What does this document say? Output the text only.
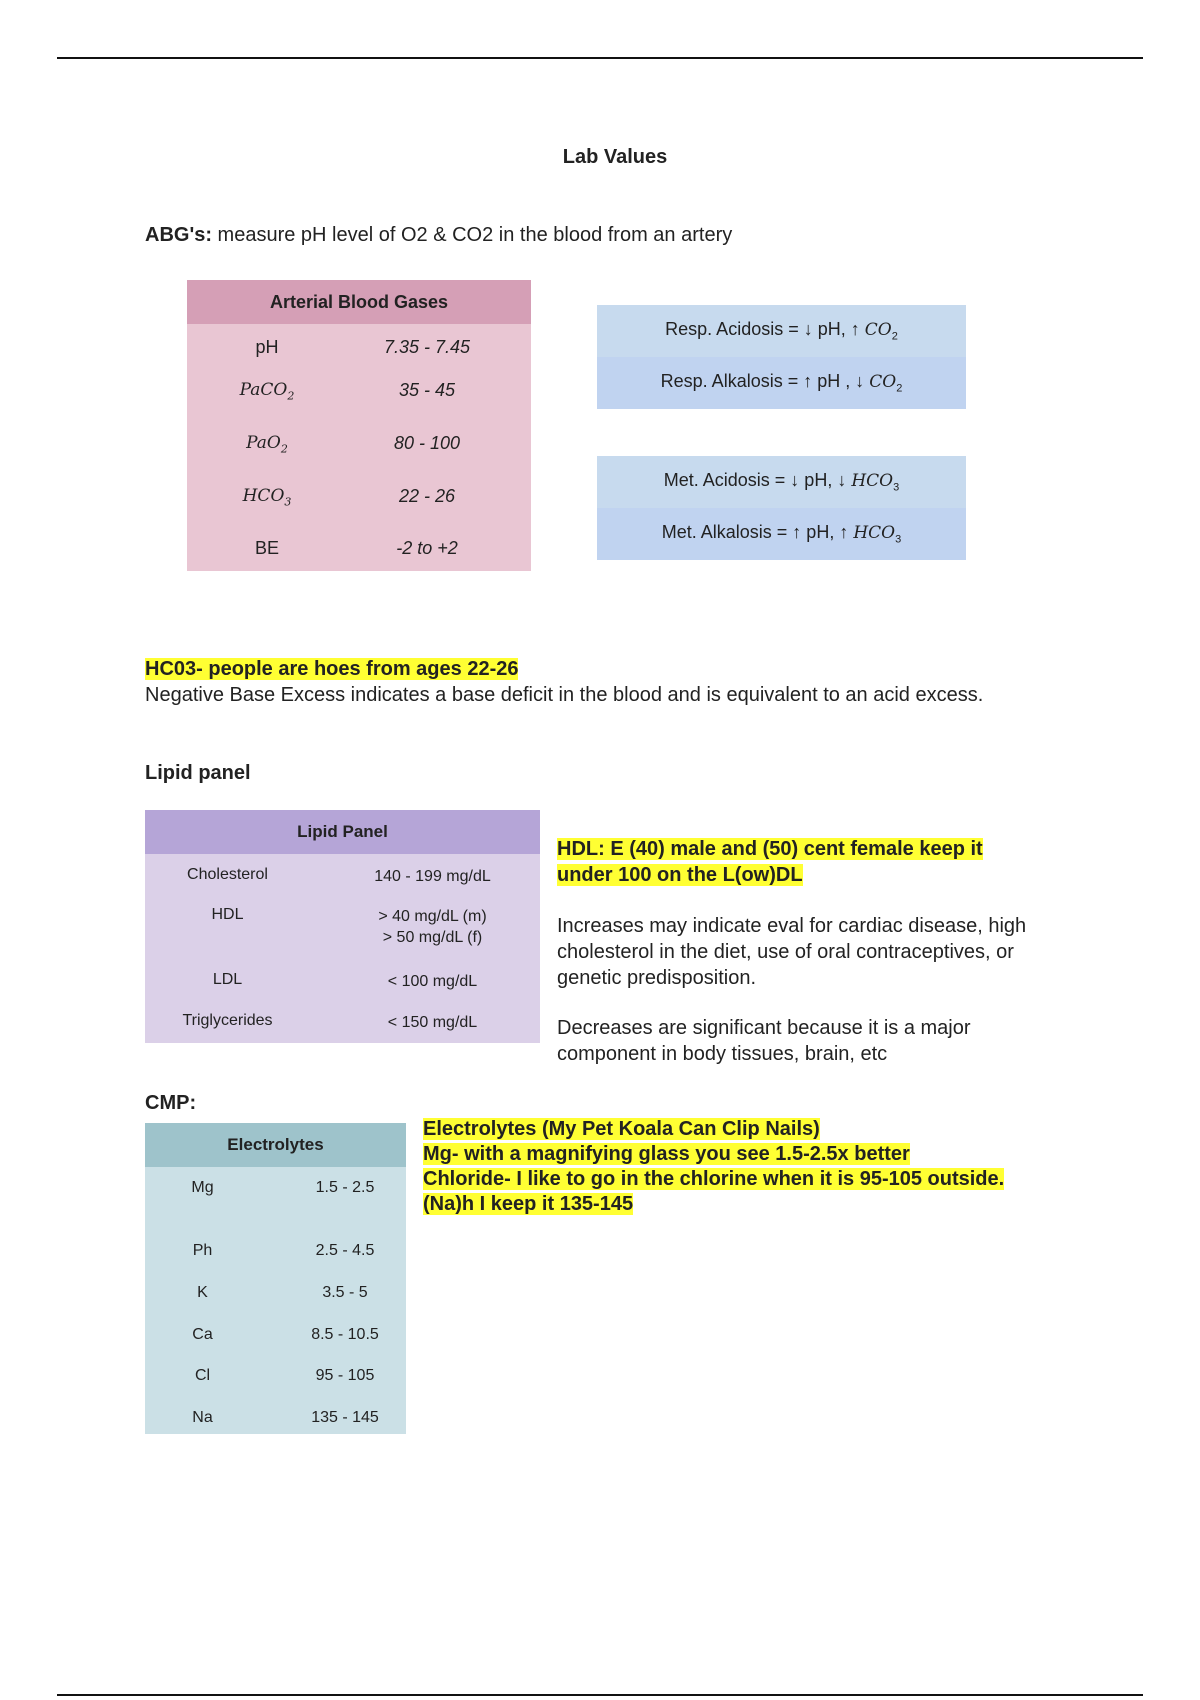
Lab Values
ABG's: measure pH level of O2 & CO2 in the blood from an artery
Arterial Blood Gases
pH	7.35 - 7.45
PaCO$_2$	35 - 45
PaO$_2$	80 - 100
$HCO_3$	22 - 26
BE	-2 to +2
Resp. Acidosis = ↓ pH, ↑ $CO_2$
Resp. Alkalosis = ↑ pH , ↓ $CO_2$
Met. Acidosis = ↓ pH, ↓ $HCO_3$
Met. Alkalosis = ↑ pH, ↑ $HCO_3$
HC03- people are hoes from ages 22-26
Negative Base Excess indicates a base deficit in the blood and is equivalent to an acid excess.
Lipid panel
Lipid Panel
Cholesterol	140 - 199 mg/dL
HDL	> 40 mg/dL (m)
> 50 mg/dL (f)
LDL	< 100 mg/dL
Triglycerides	< 150 mg/dL
HDL: E (40) male and (50) cent female keep it
under 100 on the L(ow)DL
Increases may indicate eval for cardiac disease, high
cholesterol in the diet, use of oral contraceptives, or
genetic predisposition.
Decreases are significant because it is a major
component in body tissues, brain, etc
CMP:
Electrolytes
Mg	1.5 - 2.5
Ph	2.5 - 4.5
K	3.5 - 5
Ca	8.5 - 10.5
Cl	95 - 105
Na	135 - 145
Electrolytes (My Pet Koala Can Clip Nails)
Mg- with a magnifying glass you see 1.5-2.5x better
Chloride- I like to go in the chlorine when it is 95-105 outside.
(Na)h I keep it 135-145
